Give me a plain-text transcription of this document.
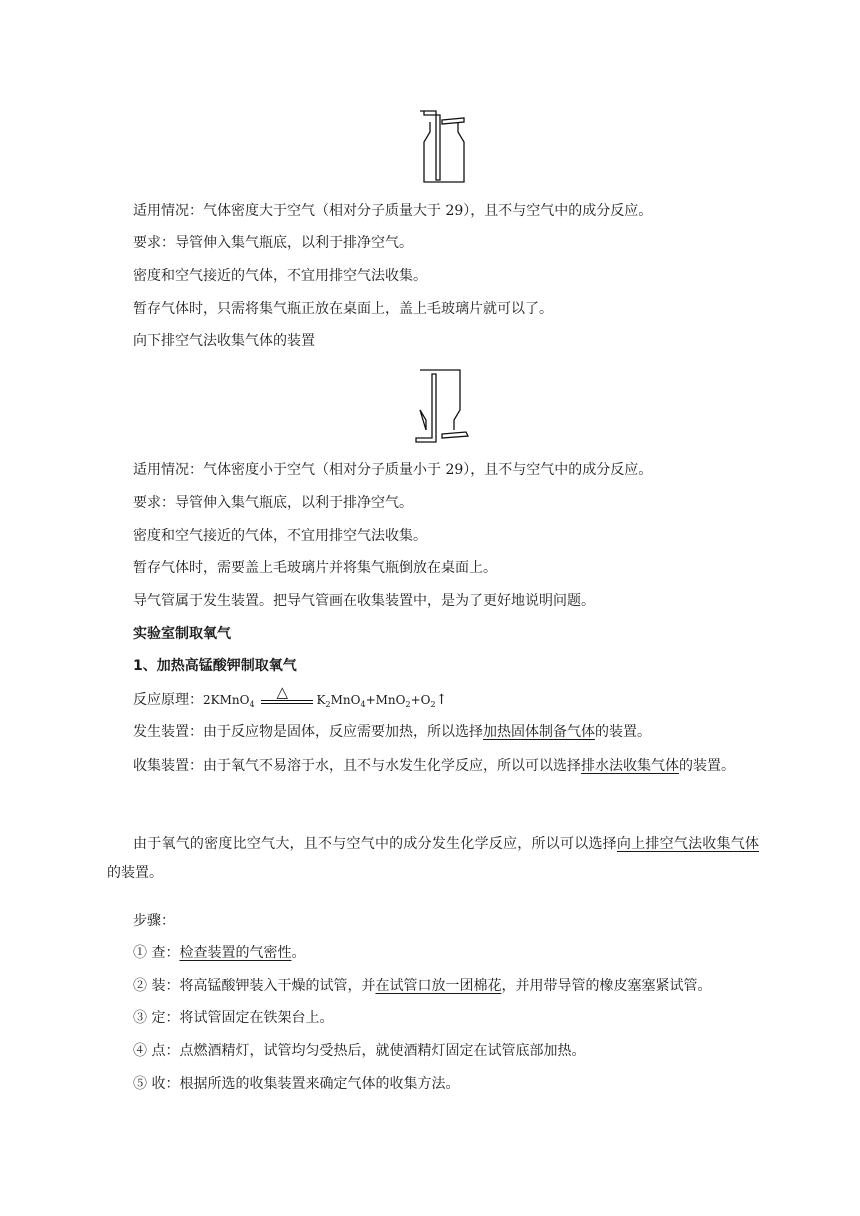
适用情况：气体密度大于空气（相对分子质量大于 29），且不与空气中的成分反应。
要求：导管伸入集气瓶底，以利于排净空气。
密度和空气接近的气体，不宜用排空气法收集。
暂存气体时，只需将集气瓶正放在桌面上，盖上毛玻璃片就可以了。
向下排空气法收集气体的装置
适用情况：气体密度小于空气（相对分子质量小于 29），且不与空气中的成分反应。
要求：导管伸入集气瓶底，以利于排净空气。
密度和空气接近的气体，不宜用排空气法收集。
暂存气体时，需要盖上毛玻璃片并将集气瓶倒放在桌面上。
导气管属于发生装置。把导气管画在收集装置中，是为了更好地说明问题。
实验室制取氧气
1、加热高锰酸钾制取氧气
反应原理：2KMnO$_4$
△ $K_2MnO_4+MnO_2+O_2↑$
发生装置：由于反应物是固体，反应需要加热，所以选择加热固体制备气体的装置。
收集装置：由于氧气不易溶于水，且不与水发生化学反应，所以可以选择排水法收集气体的装置。
由于氧气的密度比空气大，且不与空气中的成分发生化学反应，所以可以选择向上排空气法收集气体的装置。
步骤：
① 查：检查装置的气密性。
② 装：将高锰酸钾装入干燥的试管，并在试管口放一团棉花，并用带导管的橡皮塞塞紧试管。
③ 定：将试管固定在铁架台上。
④ 点：点燃酒精灯，试管均匀受热后，就使酒精灯固定在试管底部加热。
⑤ 收：根据所选的收集装置来确定气体的收集方法。
